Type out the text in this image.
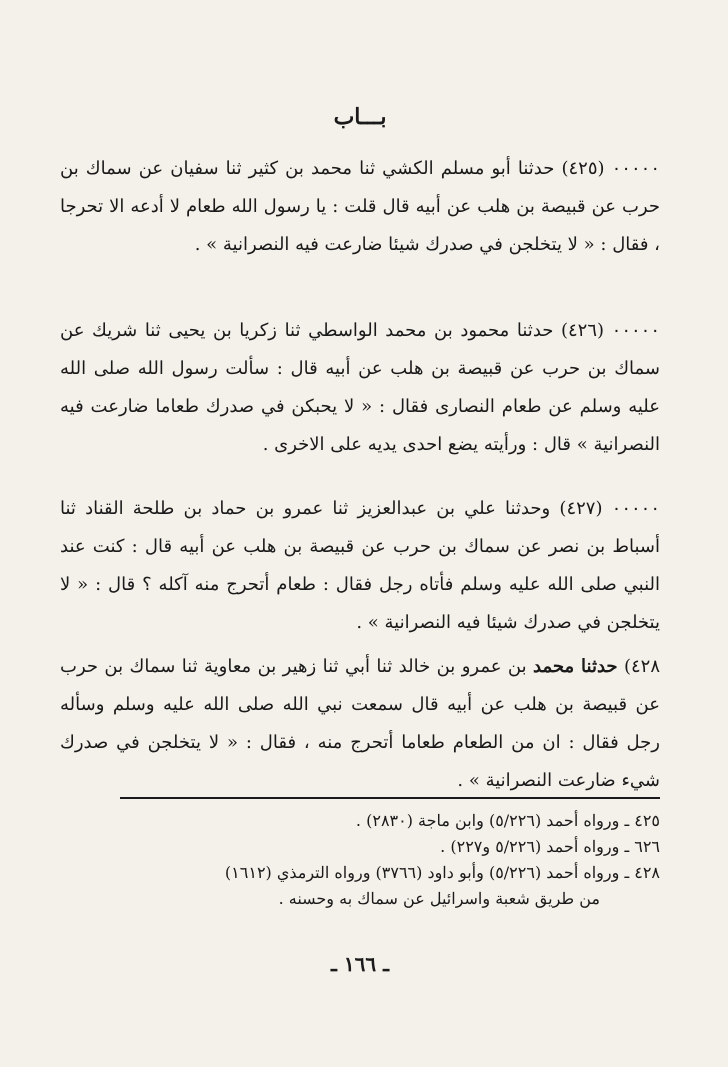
بـــاب
٠٠٠٠٠ (٤٢٥) حدثنا أبو مسلم الكشي ثنا محمد بن كثير ثنا سفيان عن سماك بن حرب عن قبيصة بن هلب عن أبيه قال قلت : يا رسول الله طعام لا أدعه الا تحرجا ، فقال : « لا يتخلجن في صدرك شيئا ضارعت فيه النصرانية » .
٠٠٠٠٠ (٤٢٦) حدثنا محمود بن محمد الواسطي ثنا زكريا بن يحيى ثنا شريك عن سماك بن حرب عن قبيصة بن هلب عن أبيه قال : سألت رسول الله صلى الله عليه وسلم عن طعام النصارى فقال : « لا يحبكن في صدرك طعاما ضارعت فيه النصرانية » قال : ورأيته يضع احدى يديه على الاخرى .
٠٠٠٠٠ (٤٢٧) وحدثنا علي بن عبدالعزيز ثنا عمرو بن حماد بن طلحة القناد ثنا أسباط بن نصر عن سماك بن حرب عن قبيصة بن هلب عن أبيه قال : كنت عند النبي صلى الله عليه وسلم فأتاه رجل فقال : طعام أتحرج منه آكله ؟ قال : « لا يتخلجن في صدرك شيئا فيه النصرانية » .
٤٢٨) حدثنا محمد بن عمرو بن خالد ثنا أبي ثنا زهير بن معاوية ثنا سماك بن حرب عن قبيصة بن هلب عن أبيه قال سمعت نبي الله صلى الله عليه وسلم وسأله رجل فقال : ان من الطعام طعاما أتحرج منه ، فقال : « لا يتخلجن في صدرك شيء ضارعت النصرانية » .
٤٢٥ ـ ورواه أحمد (٥/٢٢٦) وابن ماجة (٢٨٣٠) .
٦٢٦ ـ ورواه أحمد (٥/٢٢٦ و٢٢٧) .
٤٢٨ ـ ورواه أحمد (٥/٢٢٦) وأبو داود (٣٧٦٦) ورواه الترمذي (١٦١٢)
من طريق شعبة واسرائيل عن سماك به وحسنه .
ـ ١٦٦ ـ
